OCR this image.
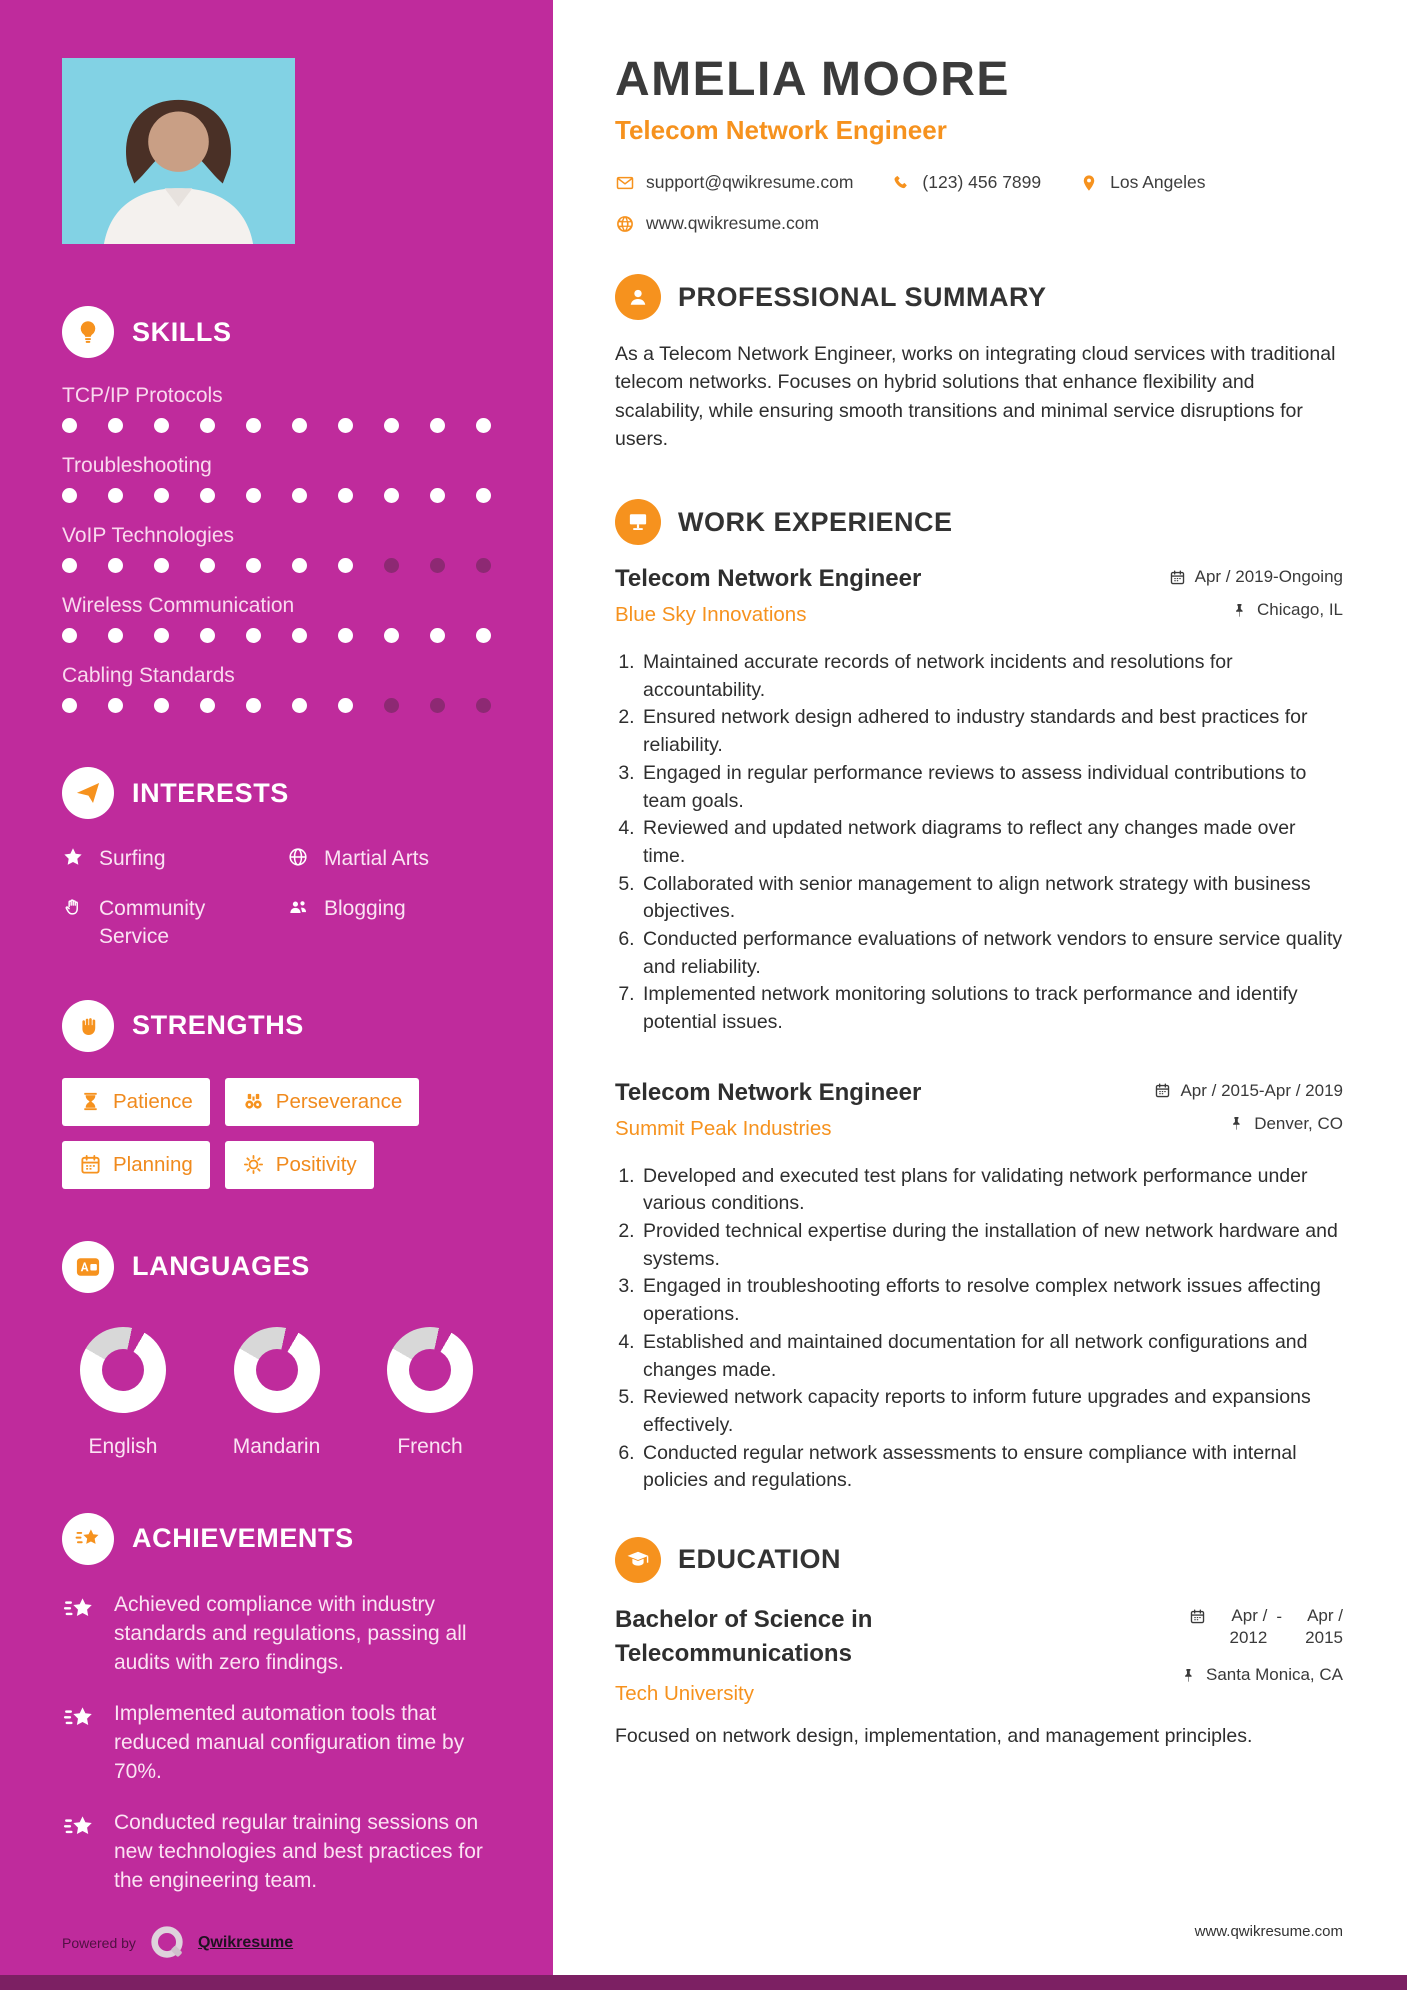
SKILLS
TCP/IP Protocols
Troubleshooting
VoIP Technologies
Wireless Communication
Cabling Standards
INTERESTS
Surfing	Martial Arts
Community Service
Blogging
STRENGTHS
Patience	Perseverance
Planning	Positivity
LANGUAGES
English	Mandarin	French
ACHIEVEMENTS

Achieved compliance with industry standards and regulations, passing all audits with zero findings.

Implemented automation tools that reduced manual configuration time by 70%.

Conducted regular training sessions on new technologies and best practices for the engineering team.

Powered by	Qwikresume
AMELIA MOORE
Telecom Network Engineer
support@qwikresume.com	(123) 456 7899	Los Angeles
www.qwikresume.com
PROFESSIONAL SUMMARY

As a Telecom Network Engineer, works on integrating cloud services with traditional telecom networks. Focuses on hybrid solutions that enhance flexibility and scalability, while ensuring smooth transitions and minimal service disruptions for users.

WORK EXPERIENCE
Telecom Network Engineer
Blue Sky Innovations
Apr / 2019-Ongoing
Chicago, IL
1. Maintained accurate records of network incidents and resolutions for accountability.
2. Ensured network design adhered to industry standards and best practices for reliability.
3. Engaged in regular performance reviews to assess individual contributions to team goals.
4. Reviewed and updated network diagrams to reflect any changes made over time.
5. Collaborated with senior management to align network strategy with business objectives.
6. Conducted performance evaluations of network vendors to ensure service quality and reliability.
7. Implemented network monitoring solutions to track performance and identify potential issues.
Telecom Network Engineer
Summit Peak Industries
Apr / 2015-Apr / 2019
Denver, CO
1. Developed and executed test plans for validating network performance under various conditions.
2. Provided technical expertise during the installation of new network hardware and systems.
3. Engaged in troubleshooting efforts to resolve complex network issues affecting operations.
4. Established and maintained documentation for all network configurations and changes made.
5. Reviewed network capacity reports to inform future upgrades and expansions effectively.
6. Conducted regular network assessments to ensure compliance with internal policies and regulations.
EDUCATION
Bachelor of Science in Telecommunications
Tech University
Apr / 2012
-	Apr / 2015
Santa Monica, CA

Focused on network design, implementation, and management principles.

www.qwikresume.com
